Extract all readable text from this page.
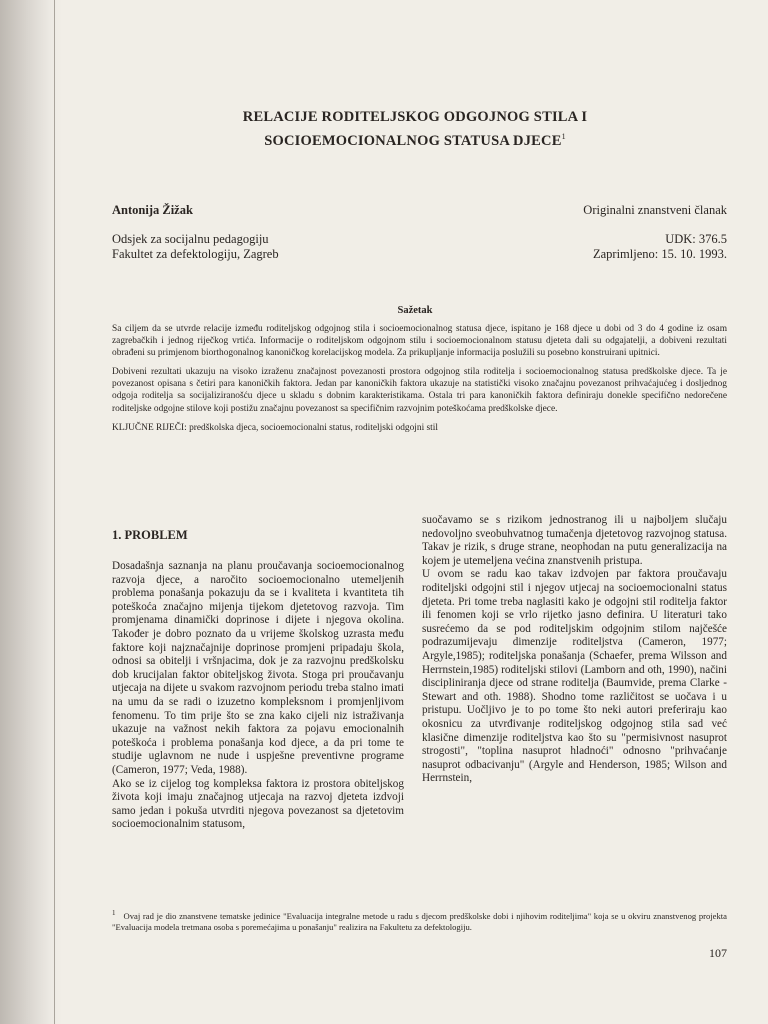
RELACIJE RODITELJSKOG ODGOJNOG STILA I
SOCIOEMOCIONALNOG STATUSA DJECE$^1$
Antonija Žižak	Originalni znanstveni članak
Odsjek za socijalnu pedagogiju
Fakultet za defektologiju, Zagreb
UDK: 376.5
Zaprimljeno: 15. 10. 1993.
Sažetak

Sa ciljem da se utvrde relacije između roditeljskog odgojnog stila i socioemocionalnog statusa djece, ispitano je 168 djece u dobi od 3 do 4 godine iz osam zagrebačkih i jednog riječkog vrtića. Informacije o roditeljskom odgojnom stilu i socioemocionalnom statusu djeteta dali su odgajatelji, a dobiveni rezultati obrađeni su primjenom biorthogonalnog kanoničkog korelacijskog modela. Za prikupljanje informacija poslužili su posebno konstruirani upitnici.

Dobiveni rezultati ukazuju na visoko izraženu značajnost povezanosti prostora odgojnog stila roditelja i socioemocionalnog statusa predškolske djece. Ta je povezanost opisana s četiri para kanoničkih faktora. Jedan par kanoničkih faktora ukazuje na statistički visoko značajnu povezanost prihvaćajućeg i dosljednog odgoja roditelja sa socijaliziranošću djece u skladu s dobnim karakteristikama. Ostala tri para kanoničkih faktora definiraju donekle specifično nedorečene roditeljske odgojne stilove koji postižu značajnu povezanost sa specifičnim razvojnim poteškoćama predškolske djece.

KLJUČNE RIJEČI: predškolska djeca, socioemocionalni status, roditeljski odgojni stil

1. PROBLEM

Dosadašnja saznanja na planu proučavanja socioemocionalnog razvoja djece, a naročito socioemocionalno utemeljenih problema ponašanja pokazuju da se i kvaliteta i kvantiteta tih poteškoća značajno mijenja tijekom djetetovog razvoja. Tim promjenama dinamički doprinose i dijete i njegova okolina. Također je dobro poznato da u vrijeme školskog uzrasta među faktore koji najznačajnije doprinose promjeni pripadaju škola, odnosi sa obitelji i vršnjacima, dok je za razvojnu predškolsku dob krucijalan faktor obiteljskog života. Stoga pri proučavanju utjecaja na dijete u svakom razvojnom periodu treba stalno imati na umu da se radi o izuzetno kompleksnom i promjenljivom fenomenu. To tim prije što se zna kako cijeli niz istraživanja ukazuje na važnost nekih faktora za pojavu emocionalnih poteškoća i problema ponašanja kod djece, a da pri tome te studije uglavnom ne nude i uspješne preventivne programe (Cameron, 1977; Veda, 1988).

Ako se iz cijelog tog kompleksa faktora iz prostora obiteljskog života koji imaju značajnog utjecaja na razvoj djeteta izdvoji samo jedan i pokuša utvrditi njegova povezanost sa djetetovim socioemocionalnim statusom,

suočavamo se s rizikom jednostranog ili u najboljem slučaju nedovoljno sveobuhvatnog tumačenja djetetovog razvojnog statusa. Takav je rizik, s druge strane, neophodan na putu generalizacija na kojem je utemeljena većina znanstvenih pristupa.

U ovom se radu kao takav izdvojen par faktora proučavaju roditeljski odgojni stil i njegov utjecaj na socioemocionalni status djeteta. Pri tome treba naglasiti kako je odgojni stil roditelja faktor ili fenomen koji se vrlo rijetko jasno definira. U literaturi tako susrećemo da se pod roditeljskim odgojnim stilom najčešće podrazumijevaju dimenzije roditeljstva (Cameron, 1977; Argyle,1985); roditeljska ponašanja (Schaefer, prema Wilsson and Herrnstein,1985) roditeljski stilovi (Lamborn and oth, 1990), načini discipliniranja djece od strane roditelja (Baumvide, prema Clarke - Stewart and oth. 1988). Shodno tome različitost se uočava i u pristupu. Uočljivo je to po tome što neki autori preferiraju kao okosnicu za utvrđivanje roditeljskog odgojnog stila sad već klasične dimenzije roditeljstva kao što su "permisivnost nasuprot strogosti", "toplina nasuprot hladnoći" odnosno "prihvaćanje nasuprot odbacivanju" (Argyle and Henderson, 1985; Wilson and Herrnstein,

$^1$ Ovaj rad je dio znanstvene tematske jedinice "Evaluacija integralne metode u radu s djecom predškolske dobi i njihovim roditeljima" koja se u okviru znanstvenog projekta "Evaluacija modela tretmana osoba s poremećajima u ponašanju" realizira na Fakultetu za defektologiju.
107
